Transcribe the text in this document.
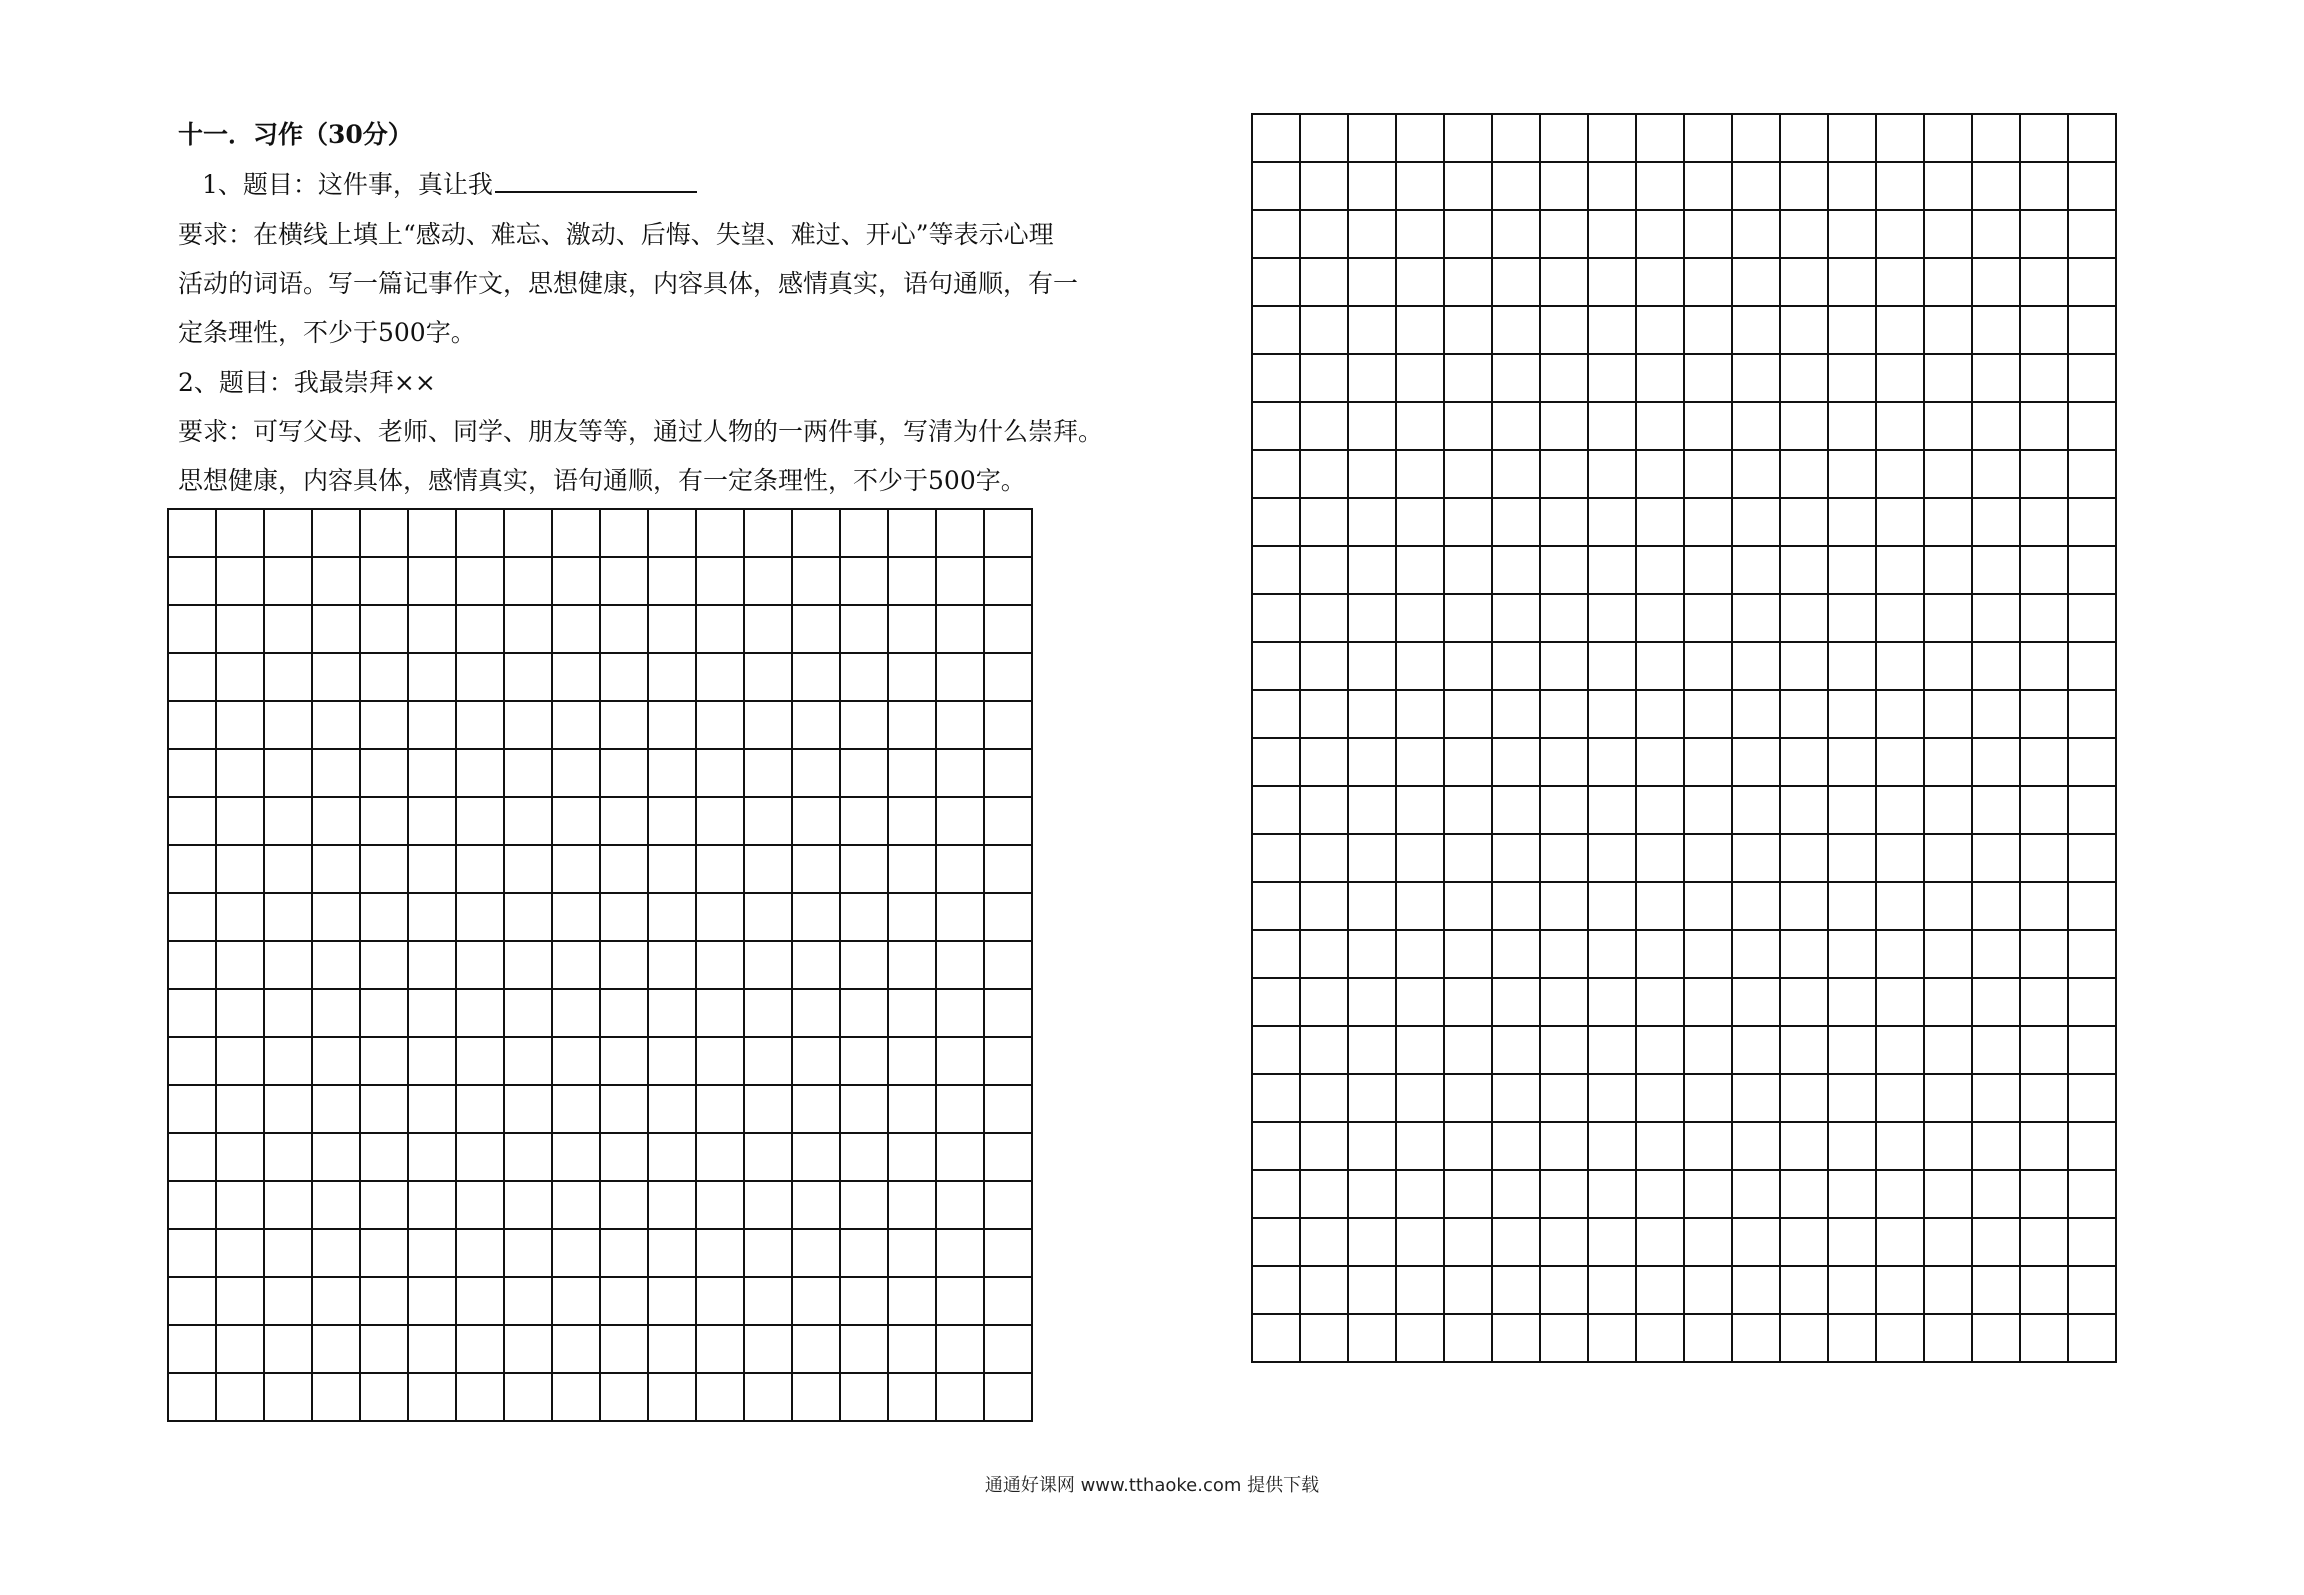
十一．习作（30分）
1、题目：这件事，真让我
要求：在横线上填上“感动、难忘、激动、后悔、失望、难过、开心”等表示心理
活动的词语。写一篇记事作文，思想健康，内容具体，感情真实，语句通顺，有一
定条理性，不少于500字。
2、题目：我最崇拜××
要求：可写父母、老师、同学、朋友等等，通过人物的一两件事，写清为什么崇拜。
思想健康，内容具体，感情真实，语句通顺，有一定条理性，不少于500字。

通通好课网 www.tthaoke.com 提供下载
